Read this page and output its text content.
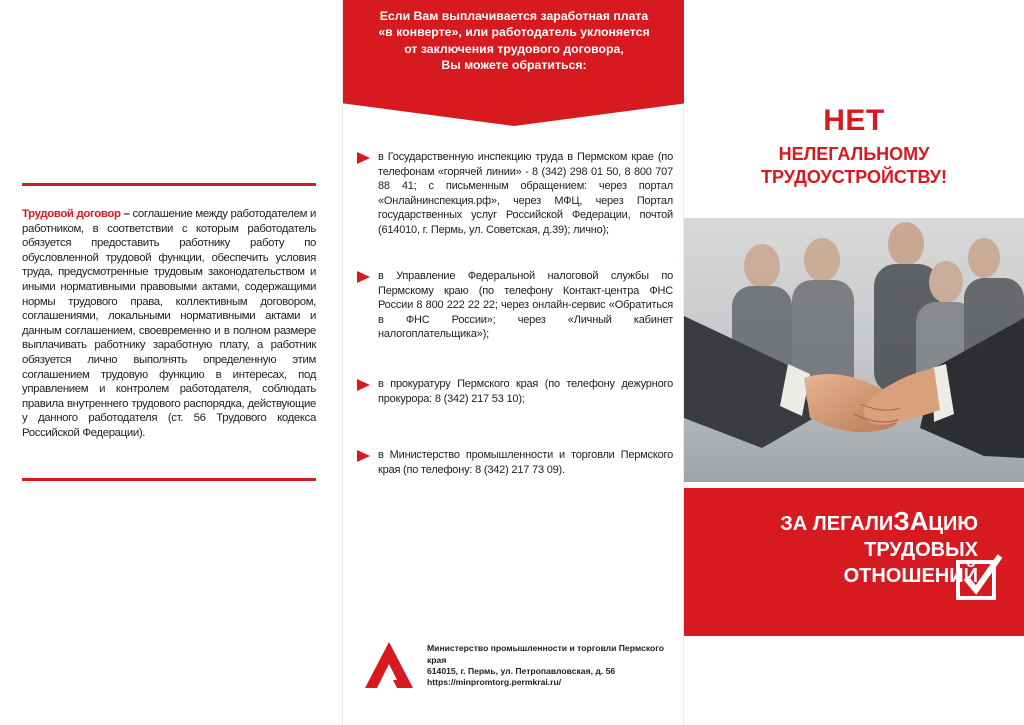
Трудовой договор – соглашение между работодателем и работником, в соответствии с которым работодатель обязуется предоставить работнику работу по обусловленной трудовой функции, обеспечить условия труда, предусмотренные трудовым законодательством и иными нормативными правовыми актами, содержащими нормы трудового права, коллективным договором, соглашениями, локальными нормативными актами и данным соглашением, своевременно и в полном размере выплачивать работнику заработную плату, а работник обязуется лично выполнять определенную этим соглашением трудовую функцию в интересах, под управлением и контролем работодателя, соблюдать правила внутреннего трудового распорядка, действующие у данного работодателя (ст. 56 Трудового кодекса Российской Федерации).

Если Вам выплачивается заработная плата
«в конверте», или работодатель уклоняется
от заключения трудового договора,
Вы можете обратиться:

в Государственную инспекцию труда в Пермском крае (по телефонам «горячей линии» - 8 (342) 298 01 50, 8 800 707 88 41; с письменным обращением: через портал «Онлайнинспекция.рф», через МФЦ, через Портал государственных услуг Российской Федерации, почтой (614010, г. Пермь, ул. Советская, д.39); лично);

в Управление Федеральной налоговой службы по Пермскому краю (по телефону Контакт-центра ФНС России 8 800 222 22 22; через онлайн-сервис «Обратиться в ФНС России»; через «Личный кабинет налогоплательщика»);

в прокуратуру Пермского края (по телефону дежурного прокурора: 8 (342) 217 53 10);

в Министерство промышленности и торговли Пермского края (по телефону: 8 (342) 217 73 09).

Министерство промышленности и торговли Пермского края
614015, г. Пермь, ул. Петропавловская, д. 56
https://minpromtorg.permkrai.ru/
НЕТ
НЕЛЕГАЛЬНОМУ
ТРУДОУСТРОЙСТВУ!
ЗА ЛЕГАЛИЗАЦИЮ
ТРУДОВЫХ
ОТНОШЕНИЙ
